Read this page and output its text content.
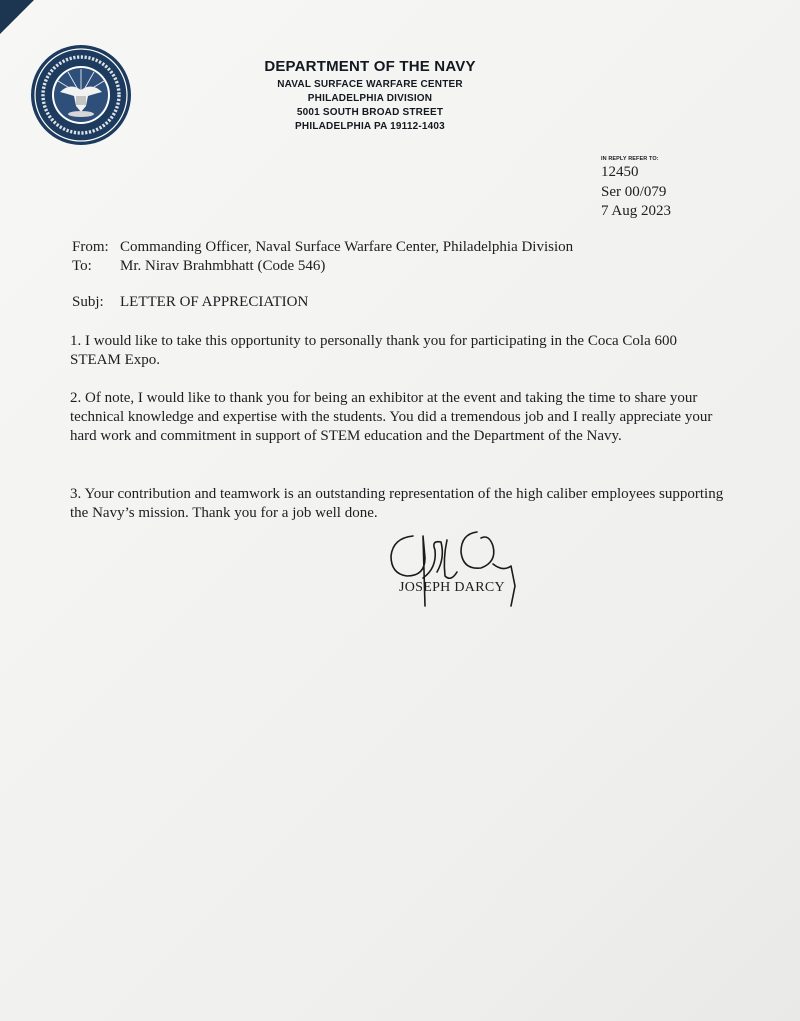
DEPARTMENT OF THE NAVY
NAVAL SURFACE WARFARE CENTER
PHILADELPHIA DIVISION
5001 SOUTH BROAD STREET
PHILADELPHIA PA 19112-1403
IN REPLY REFER TO:
12450
Ser 00/079
7 Aug 2023
From: Commanding Officer, Naval Surface Warfare Center, Philadelphia Division
To: Mr. Nirav Brahmbhatt (Code 546)
Subj: LETTER OF APPRECIATION
1. I would like to take this opportunity to personally thank you for participating in the Coca Cola 600 STEAM Expo.
2. Of note, I would like to thank you for being an exhibitor at the event and taking the time to share your technical knowledge and expertise with the students. You did a tremendous job and I really appreciate your hard work and commitment in support of STEM education and the Department of the Navy.
3. Your contribution and teamwork is an outstanding representation of the high caliber employees supporting the Navy’s mission. Thank you for a job well done.
JOSEPH DARCY
